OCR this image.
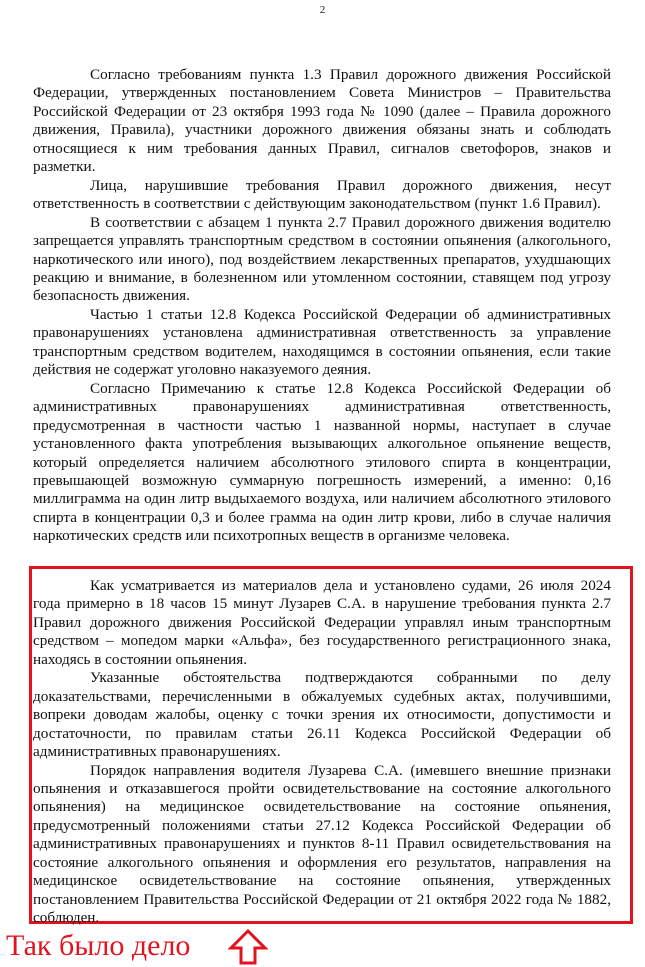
2

Согласно требованиям пункта 1.3 Правил дорожного движения Российской Федерации, утвержденных постановлением Совета Министров – Правительства Российской Федерации от 23 октября 1993 года № 1090 (далее – Правила дорожного движения, Правила), участники дорожного движения обязаны знать и соблюдать относящиеся к ним требования данных Правил, сигналов светофоров, знаков и разметки.

Лица, нарушившие требования Правил дорожного движения, несут ответственность в соответствии с действующим законодательством (пункт 1.6 Правил).

В соответствии с абзацем 1 пункта 2.7 Правил дорожного движения водителю запрещается управлять транспортным средством в состоянии опьянения (алкогольного, наркотического или иного), под воздействием лекарственных препаратов, ухудшающих реакцию и внимание, в болезненном или утомленном состоянии, ставящем под угрозу безопасность движения.

Частью 1 статьи 12.8 Кодекса Российской Федерации об административных правонарушениях установлена административная ответственность за управление транспортным средством водителем, находящимся в состоянии опьянения, если такие действия не содержат уголовно наказуемого деяния.

Согласно Примечанию к статье 12.8 Кодекса Российской Федерации об административных правонарушениях административная ответственность, предусмотренная в частности частью 1 названной нормы, наступает в случае установленного факта употребления вызывающих алкогольное опьянение веществ, который определяется наличием абсолютного этилового спирта в концентрации, превышающей возможную суммарную погрешность измерений, а именно: 0,16 миллиграмма на один литр выдыхаемого воздуха, или наличием абсолютного этилового спирта в концентрации 0,3 и более грамма на один литр крови, либо в случае наличия наркотических средств или психотропных веществ в организме человека.

Как усматривается из материалов дела и установлено судами, 26 июля 2024 года примерно в 18 часов 15 минут Лузарев С.А. в нарушение требования пункта 2.7 Правил дорожного движения Российской Федерации управлял иным транспортным средством – мопедом марки «Альфа», без государственного регистрационного знака, находясь в состоянии опьянения.

Указанные обстоятельства подтверждаются собранными по делу доказательствами, перечисленными в обжалуемых судебных актах, получившими, вопреки доводам жалобы, оценку с точки зрения их относимости, допустимости и достаточности, по правилам статьи 26.11 Кодекса Российской Федерации об административных правонарушениях.

Порядок направления водителя Лузарева С.А. (имевшего внешние признаки опьянения и отказавшегося пройти освидетельствование на состояние алкогольного опьянения) на медицинское освидетельствование на состояние опьянения, предусмотренный положениями статьи 27.12 Кодекса Российской Федерации об административных правонарушениях и пунктов 8-11 Правил освидетельствования на состояние алкогольного опьянения и оформления его результатов, направления на медицинское освидетельствование на состояние опьянения, утвержденных постановлением Правительства Российской Федерации от 21 октября 2022 года № 1882, соблюден.

Так было дело
